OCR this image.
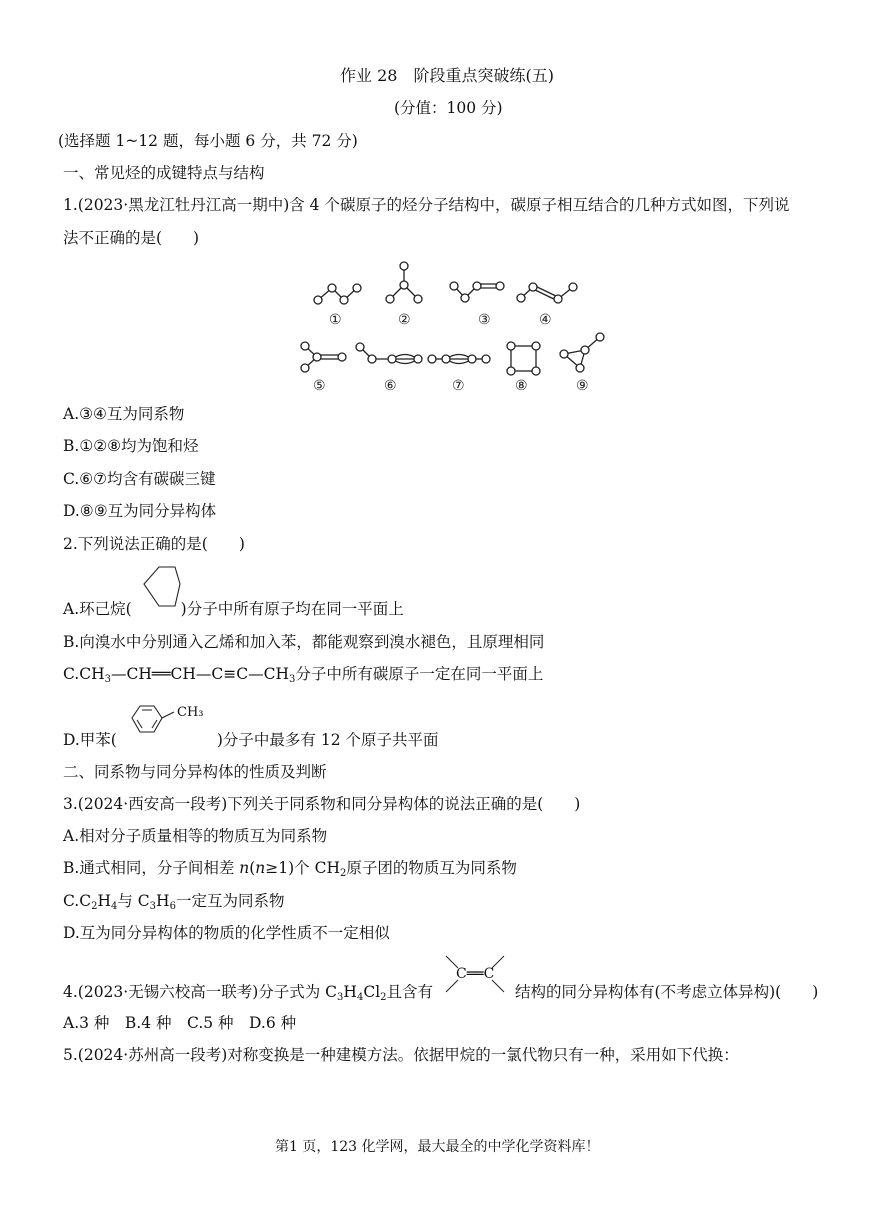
作业 28　阶段重点突破练(五)
(分值：100 分)
(选择题 1~12 题，每小题 6 分，共 72 分)
一、常见烃的成键特点与结构
1.(2023·黑龙江牡丹江高一期中)含 4 个碳原子的烃分子结构中，碳原子相互结合的几种方式如图，下列说
法不正确的是(　　)
①	②	③	④
⑤	⑥	⑦	⑧	⑨
A.③④互为同系物
B.①②⑧均为饱和烃
C.⑥⑦均含有碳碳三键
D.⑧⑨互为同分异构体
2.下列说法正确的是(　　)
A.环己烷(	)分子中所有原子均在同一平面上
B.向溴水中分别通入乙烯和加入苯，都能观察到溴水褪色，且原理相同
$C.CH_3—CH══CH—C\equiv C—CH_3$分子中所有碳原子一定在同一平面上
D.甲苯(	)分子中最多有 12 个原子共平面
CH₃
二、同系物与同分异构体的性质及判断
3.(2024·西安高一段考)下列关于同系物和同分异构体的说法正确的是(　　)
A.相对分子质量相等的物质互为同系物
B.通式相同，分子间相差 n(n≥1)个 $CH_2$原子团的物质互为同系物
$C.C_2H_4$与 $C_3H_6$一定互为同系物
D.互为同分异构体的物质的化学性质不一定相似
4.(2023·无锡六校高一联考)分子式为 $C_3H_4Cl_2$且含有	结构的同分异构体有(不考虑立体异构)(　　)
C══C
A.3 种　B.4 种　C.5 种　D.6 种
5.(2024·苏州高一段考)对称变换是一种建模方法。依据甲烷的一氯代物只有一种，采用如下代换：
第1 页，123 化学网，最大最全的中学化学资料库！
